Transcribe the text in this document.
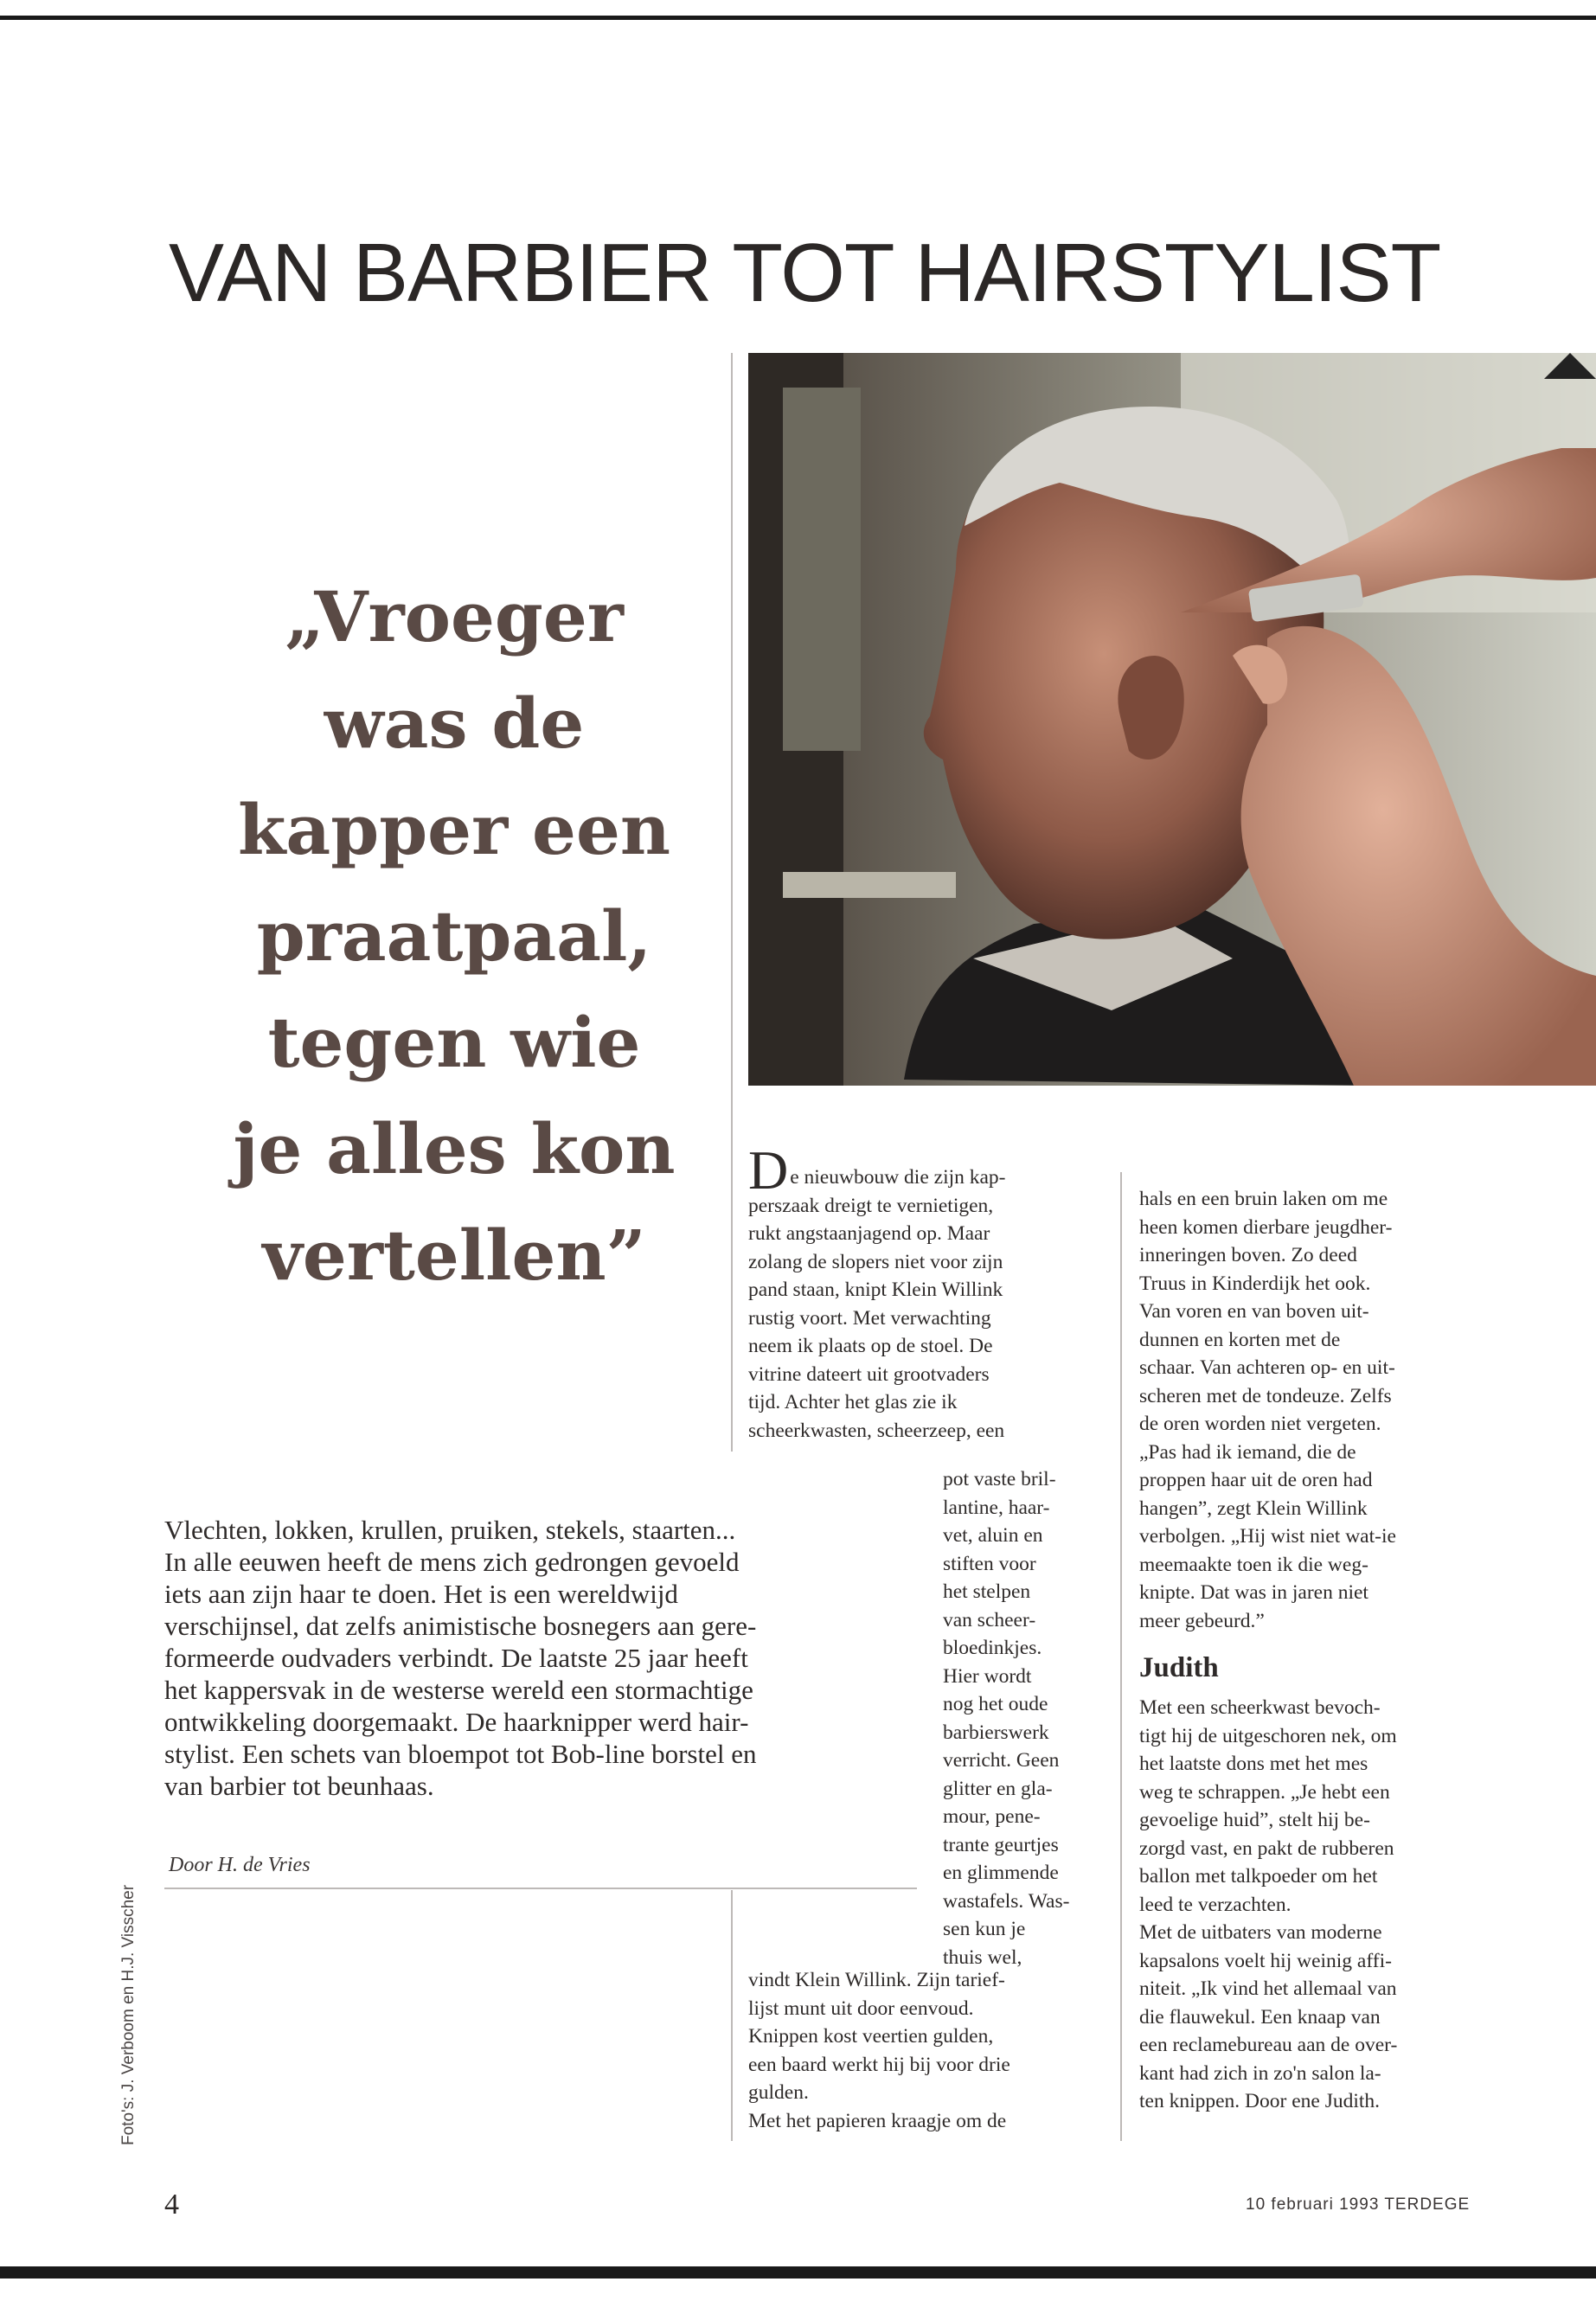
VAN BARBIER TOT HAIRSTYLIST
„Vroeger
was de
kapper een
praatpaal,
tegen wie
je alles kon
vertellen”
De nieuwbouw die zijn kap-
perszaak dreigt te vernietigen,
rukt angstaanjagend op. Maar
zolang de slopers niet voor zijn
pand staan, knipt Klein Willink
rustig voort. Met verwachting
neem ik plaats op de stoel. De
vitrine dateert uit grootvaders
tijd. Achter het glas zie ik
scheerkwasten, scheerzeep, een
pot vaste bril-
lantine, haar-
vet, aluin en
stiften voor
het stelpen
van scheer-
bloedinkjes.
Hier wordt
nog het oude
barbierswerk
verricht. Geen
glitter en gla-
mour, pene-
trante geurtjes
en glimmende
wastafels. Was-
sen kun je
thuis wel,
vindt Klein Willink. Zijn tarief-
lijst munt uit door eenvoud.
Knippen kost veertien gulden,
een baard werkt hij bij voor drie
gulden.
Met het papieren kraagje om de
hals en een bruin laken om me
heen komen dierbare jeugdher-
inneringen boven. Zo deed
Truus in Kinderdijk het ook.
Van voren en van boven uit-
dunnen en korten met de
schaar. Van achteren op- en uit-
scheren met de tondeuze. Zelfs
de oren worden niet vergeten.
„Pas had ik iemand, die de
proppen haar uit de oren had
hangen”, zegt Klein Willink
verbolgen. „Hij wist niet wat-ie
meemaakte toen ik die weg-
knipte. Dat was in jaren niet
meer gebeurd.”
Judith
Met een scheerkwast bevoch-
tigt hij de uitgeschoren nek, om
het laatste dons met het mes
weg te schrappen. „Je hebt een
gevoelige huid”, stelt hij be-
zorgd vast, en pakt de rubberen
ballon met talkpoeder om het
leed te verzachten.
Met de uitbaters van moderne
kapsalons voelt hij weinig affi-
niteit. „Ik vind het allemaal van
die flauwekul. Een knaap van
een reclamebureau aan de over-
kant had zich in zo'n salon la-
ten knippen. Door ene Judith.
Vlechten, lokken, krullen, pruiken, stekels, staarten...
In alle eeuwen heeft de mens zich gedrongen gevoeld
iets aan zijn haar te doen. Het is een wereldwijd
verschijnsel, dat zelfs animistische bosnegers aan gere-
formeerde oudvaders verbindt. De laatste 25 jaar heeft
het kappersvak in de westerse wereld een stormachtige
ontwikkeling doorgemaakt. De haarknipper werd hair-
stylist. Een schets van bloempot tot Bob-line borstel en
van barbier tot beunhaas.
Door H. de Vries
Foto's: J. Verboom en H.J. Visscher
4	10 februari 1993 TERDEGE
